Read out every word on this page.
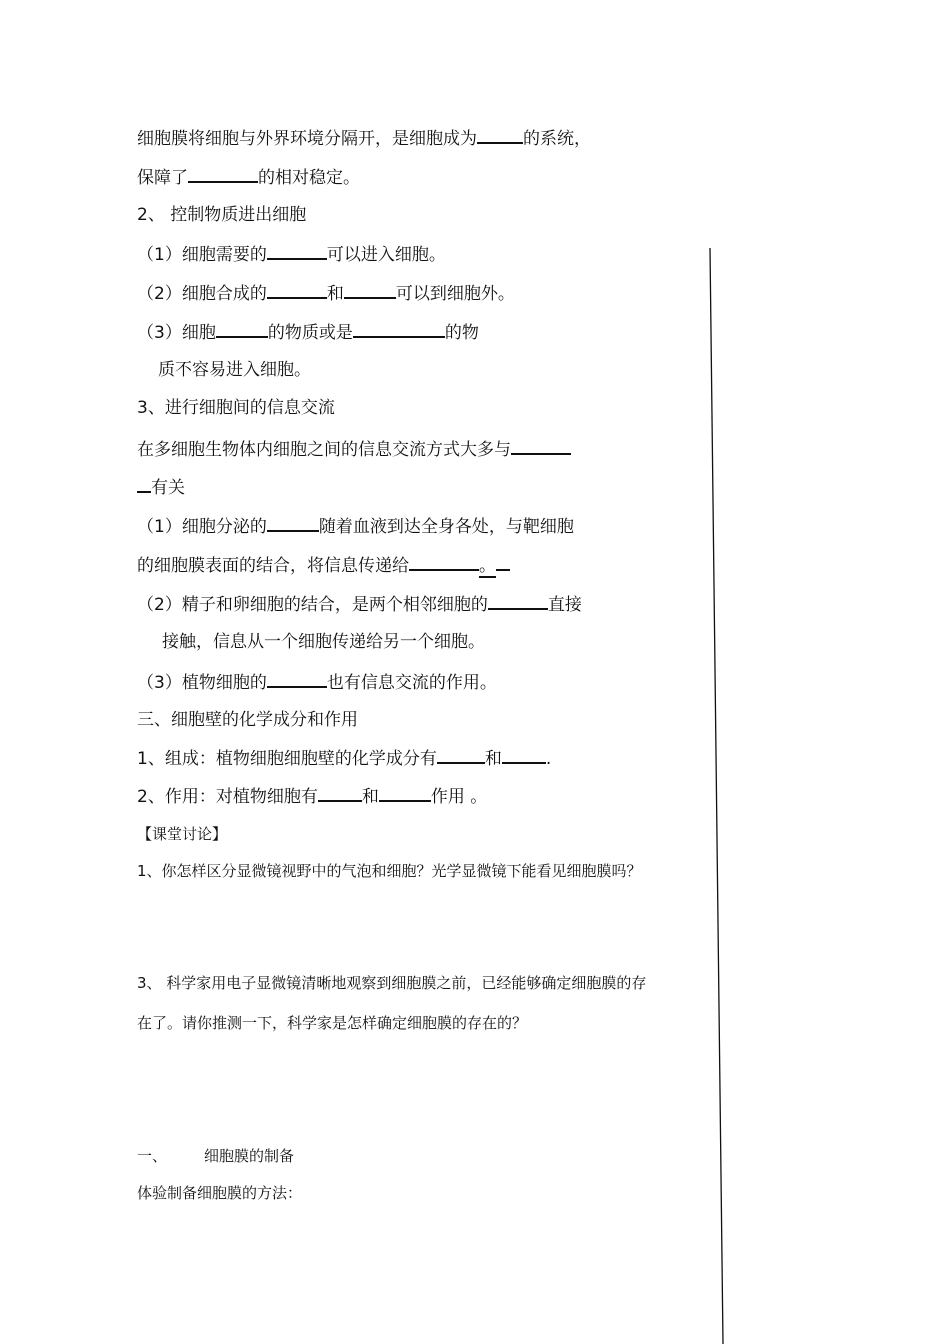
细胞膜将细胞与外界环境分隔开，是细胞成为	的系统，
保障了	的相对稳定。
2、 控制物质进出细胞
（1）细胞需要的	可以进入细胞。
（2）细胞合成的	和	可以到细胞外。
（3）细胞	的物质或是	的物
质不容易进入细胞。
3、进行细胞间的信息交流
在多细胞生物体内细胞之间的信息交流方式大多与
有关
（1）细胞分泌的	随着血液到达全身各处，与靶细胞
的细胞膜表面的结合，将信息传递给	。
（2）精子和卵细胞的结合，是两个相邻细胞的	直接
接触，信息从一个细胞传递给另一个细胞。
（3）植物细胞的	也有信息交流的作用。
三、细胞壁的化学成分和作用
1、组成：植物细胞细胞壁的化学成分有	和	.
2、作用：对植物细胞有	和	作用 。
【课堂讨论】
1、你怎样区分显微镜视野中的气泡和细胞？光学显微镜下能看见细胞膜吗？
3、 科学家用电子显微镜清晰地观察到细胞膜之前，已经能够确定细胞膜的存
在了。请你推测一下，科学家是怎样确定细胞膜的存在的？
一、 细胞膜的制备
体验制备细胞膜的方法：
